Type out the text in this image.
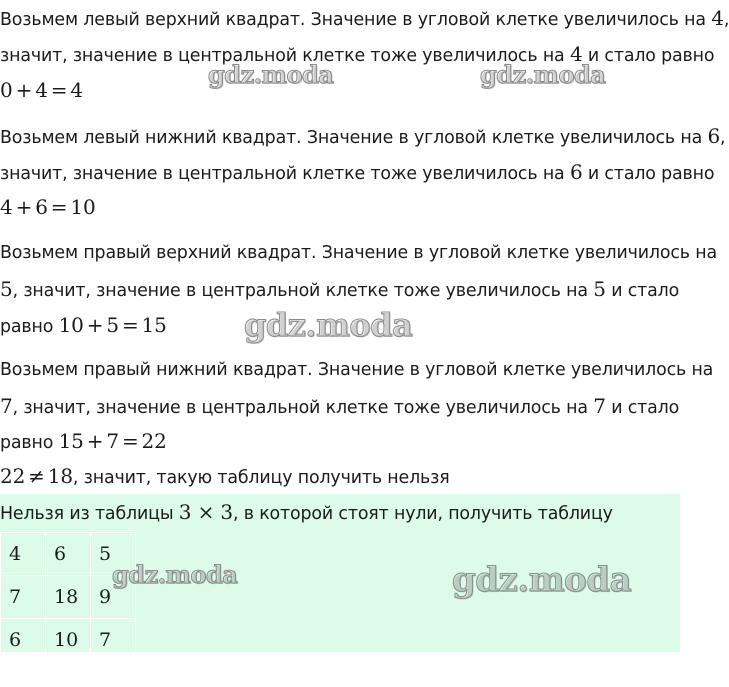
Возьмем левый верхний квадрат. Значение в угловой клетке увеличилось на 4,
значит, значение в центральной клетке тоже увеличилось на 4 и стало равно
0 + 4 = 4
Возьмем левый нижний квадрат. Значение в угловой клетке увеличилось на 6,
значит, значение в центральной клетке тоже увеличилось на 6 и стало равно
4 + 6 = 10
Возьмем правый верхний квадрат. Значение в угловой клетке увеличилось на
5, значит, значение в центральной клетке тоже увеличилось на 5 и стало
равно 10 + 5 = 15
Возьмем правый нижний квадрат. Значение в угловой клетке увеличилось на
7, значит, значение в центральной клетке тоже увеличилось на 7 и стало
равно 15 + 7 = 22
22 ≠ 18, значит, такую таблицу получить нельзя
Нельзя из таблицы 3 × 3, в которой стоят нули, получить таблицу
4	6	5
7	18	9
6	10	7
gdz.moda	gdz.moda
gdz.moda
gdz.moda	gdz.moda
